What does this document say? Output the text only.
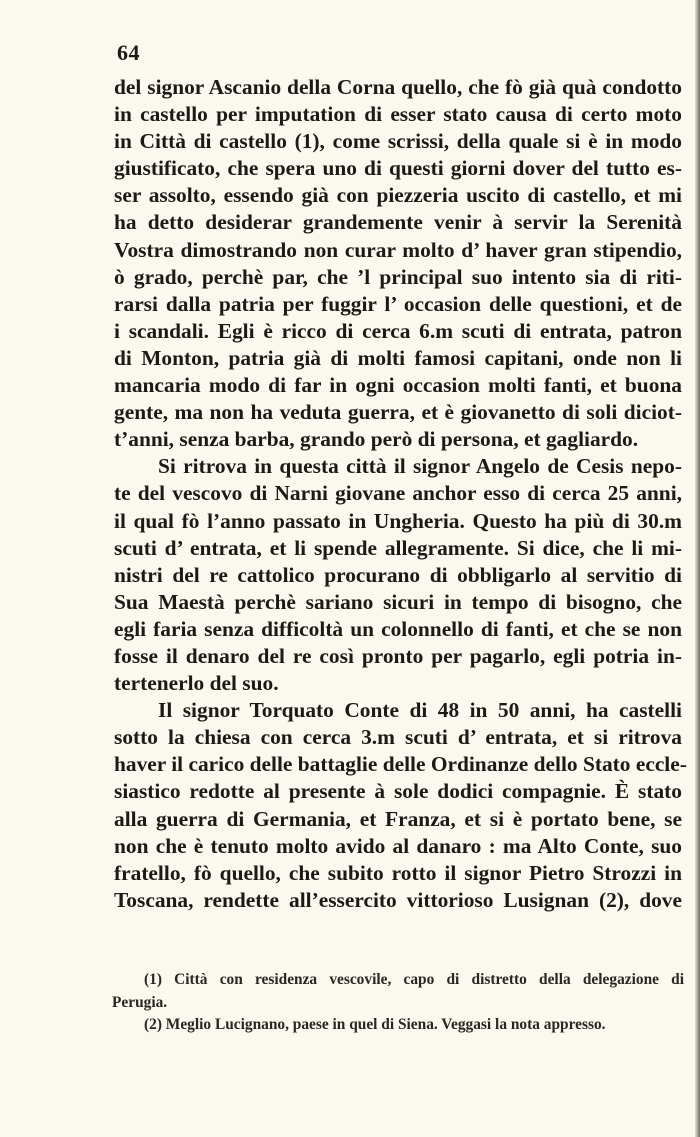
64
del signor Ascanio della Corna quello, che fò già quà condotto
in castello per imputation di esser stato causa di certo moto
in Città di castello (1), come scrissi, della quale si è in modo
giustificato, che spera uno di questi giorni dover del tutto es-
ser assolto, essendo già con piezzeria uscito di castello, et mi
ha detto desiderar grandemente venir à servir la Serenità
Vostra dimostrando non curar molto d’ haver gran stipendio,
ò grado, perchè par, che ’l principal suo intento sia di riti-
rarsi dalla patria per fuggir l’ occasion delle questioni, et de
i scandali. Egli è ricco di cerca 6.m scuti di entrata, patron
di Monton, patria già di molti famosi capitani, onde non li
mancaria modo di far in ogni occasion molti fanti, et buona
gente, ma non ha veduta guerra, et è giovanetto di soli diciot-
t’anni, senza barba, grando però di persona, et gagliardo.
Si ritrova in questa città il signor Angelo de Cesis nepo-
te del vescovo di Narni giovane anchor esso di cerca 25 anni,
il qual fò l’anno passato in Ungheria. Questo ha più di 30.m
scuti d’ entrata, et li spende allegramente. Si dice, che li mi-
nistri del re cattolico procurano di obbligarlo al servitio di
Sua Maestà perchè sariano sicuri in tempo di bisogno, che
egli faria senza difficoltà un colonnello di fanti, et che se non
fosse il denaro del re così pronto per pagarlo, egli potria in-
tertenerlo del suo.
Il signor Torquato Conte di 48 in 50 anni, ha castelli
sotto la chiesa con cerca 3.m scuti d’ entrata, et si ritrova
haver il carico delle battaglie delle Ordinanze dello Stato eccle-
siastico redotte al presente à sole dodici compagnie. È stato
alla guerra di Germania, et Franza, et si è portato bene, se
non che è tenuto molto avido al danaro : ma Alto Conte, suo
fratello, fò quello, che subito rotto il signor Pietro Strozzi in
Toscana, rendette all’essercito vittorioso Lusignan (2), dove
(1) Città con residenza vescovile, capo di distretto della delegazione di
Perugia.
(2) Meglio Lucignano, paese in quel di Siena. Veggasi la nota appresso.
